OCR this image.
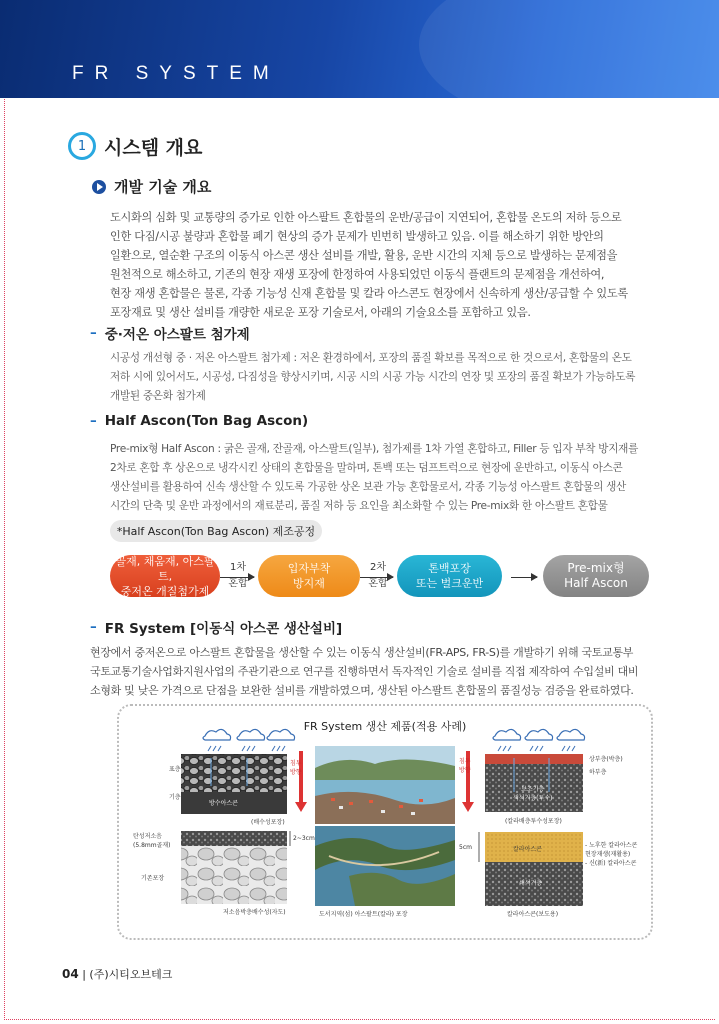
FR SYSTEM
1 시스템 개요
개발 기술 개요
도시화의 심화 및 교통량의 증가로 인한 아스팔트 혼합물의 운반/공급이 지연되어, 혼합물 온도의 저하 등으로
인한 다짐/시공 불량과 혼합물 폐기 현상의 증가 문제가 빈번히 발생하고 있음. 이를 해소하기 위한 방안의
일환으로, 열순환 구조의 이동식 아스콘 생산 설비를 개발, 활용, 운반 시간의 지체 등으로 발생하는 문제점을
원천적으로 해소하고, 기존의 현장 재생 포장에 한정하여 사용되었던 이동식 플랜트의 문제점을 개선하여,
현장 재생 혼합물은 물론, 각종 기능성 신재 혼합물 및 칼라 아스콘도 현장에서 신속하게 생산/공급할 수 있도록
포장재료 및 생산 설비를 개량한 새로운 포장 기술로서, 아래의 기술요소를 포함하고 있음.
– 중·저온 아스팔트 첨가제
시공성 개선형 중 · 저온 아스팔트 첨가제 : 저온 환경하에서, 포장의 품질 확보를 목적으로 한 것으로서, 혼합물의 온도
저하 시에 있어서도, 시공성, 다짐성을 향상시키며, 시공 시의 시공 가능 시간의 연장 및 포장의 품질 확보가 가능하도록
개발된 중온화 첨가제
– Half Ascon(Ton Bag Ascon)
Pre-mix형 Half Ascon : 굵은 골재, 잔골재, 아스팔트(일부), 첨가제를 1차 가열 혼합하고, Filler 등 입자 부착 방지재를
2차로 혼합 후 상온으로 냉각시킨 상태의 혼합물을 말하며, 톤백 또는 덤프트럭으로 현장에 운반하고, 이동식 아스콘
생산설비를 활용하여 신속 생산할 수 있도록 가공한 상온 보관 가능 혼합물로서, 각종 기능성 아스팔트 혼합물의 생산
시간의 단축 및 운반 과정에서의 재료분리, 품질 저하 등 요인을 최소화할 수 있는 Pre-mix화 한 아스팔트 혼합물
*Half Ascon(Ton Bag Ascon) 제조공정
골재, 채움재, 아스팔트,
중저온 개질첨가제
1차
혼합
입자부착
방지재
2차
혼합
톤백포장
또는 벌크운반
Pre-mix형
Half Ascon
– FR System [이동식 아스콘 생산설비]
현장에서 중저온으로 아스팔트 혼합물을 생산할 수 있는 이동식 생산설비(FR-APS, FR-S)를 개발하기 위해 국토교통부
국토교통기술사업화지원사업의 주관기관으로 연구를 진행하면서 독자적인 기술로 설비를 직접 제작하여 수입설비 대비
소형화 및 낮은 가격으로 단점을 보완한 설비를 개발하였으며, 생산된 아스팔트 혼합물의 품질성능 검증을 완료하였다.
FR System 생산 제품(적용 사례)
표층
기층
방수아스콘
침투
방향
(배수성포장)
탄성저소음
(5.8mm골재)
2~3cm
기존포장
저소음박층배수성(자도)	도서지역(섬) 아스팔트(칼라) 포장
침투
방향
상부층(박층)
하부층
보조기층
색석기층(투수)
(칼라배층투수성포장)
5cm	칼라아스콘
- 노후한 칼라아스콘
현장재생(재활용)
- 신(新) 칼라아스콘
쇄석기층
칼라아스콘(보도용)
04 | (주)시티오브테크
